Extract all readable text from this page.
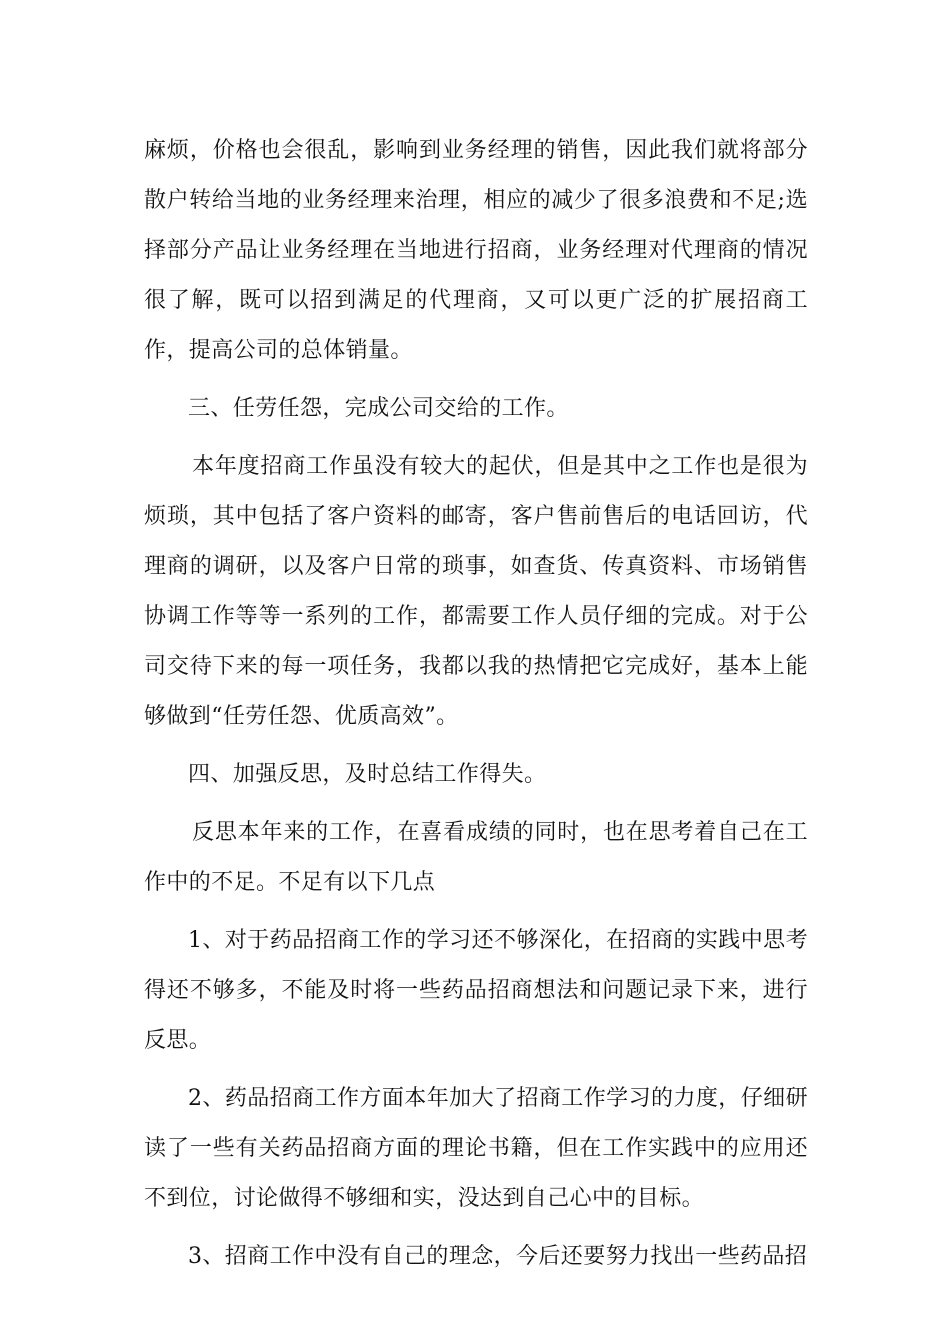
麻烦，价格也会很乱，影响到业务经理的销售，因此我们就将部分散户转给当地的业务经理来治理，相应的减少了很多浪费和不足;选择部分产品让业务经理在当地进行招商，业务经理对代理商的情况很了解，既可以招到满足的代理商，又可以更广泛的扩展招商工作，提高公司的总体销量。

三、任劳任怨，完成公司交给的工作。

本年度招商工作虽没有较大的起伏，但是其中之工作也是很为烦琐，其中包括了客户资料的邮寄，客户售前售后的电话回访，代理商的调研，以及客户日常的琐事，如查货、传真资料、市场销售协调工作等等一系列的工作，都需要工作人员仔细的完成。对于公司交待下来的每一项任务，我都以我的热情把它完成好，基本上能够做到“任劳任怨、优质高效”。

四、加强反思，及时总结工作得失。

反思本年来的工作，在喜看成绩的同时，也在思考着自己在工作中的不足。不足有以下几点

1、对于药品招商工作的学习还不够深化，在招商的实践中思考得还不够多，不能及时将一些药品招商想法和问题记录下来，进行反思。

2、药品招商工作方面本年加大了招商工作学习的力度，仔细研读了一些有关药品招商方面的理论书籍，但在工作实践中的应用还不到位，讨论做得不够细和实，没达到自己心中的目标。

3、招商工作中没有自己的理念，今后还要努力找出一些药品招
